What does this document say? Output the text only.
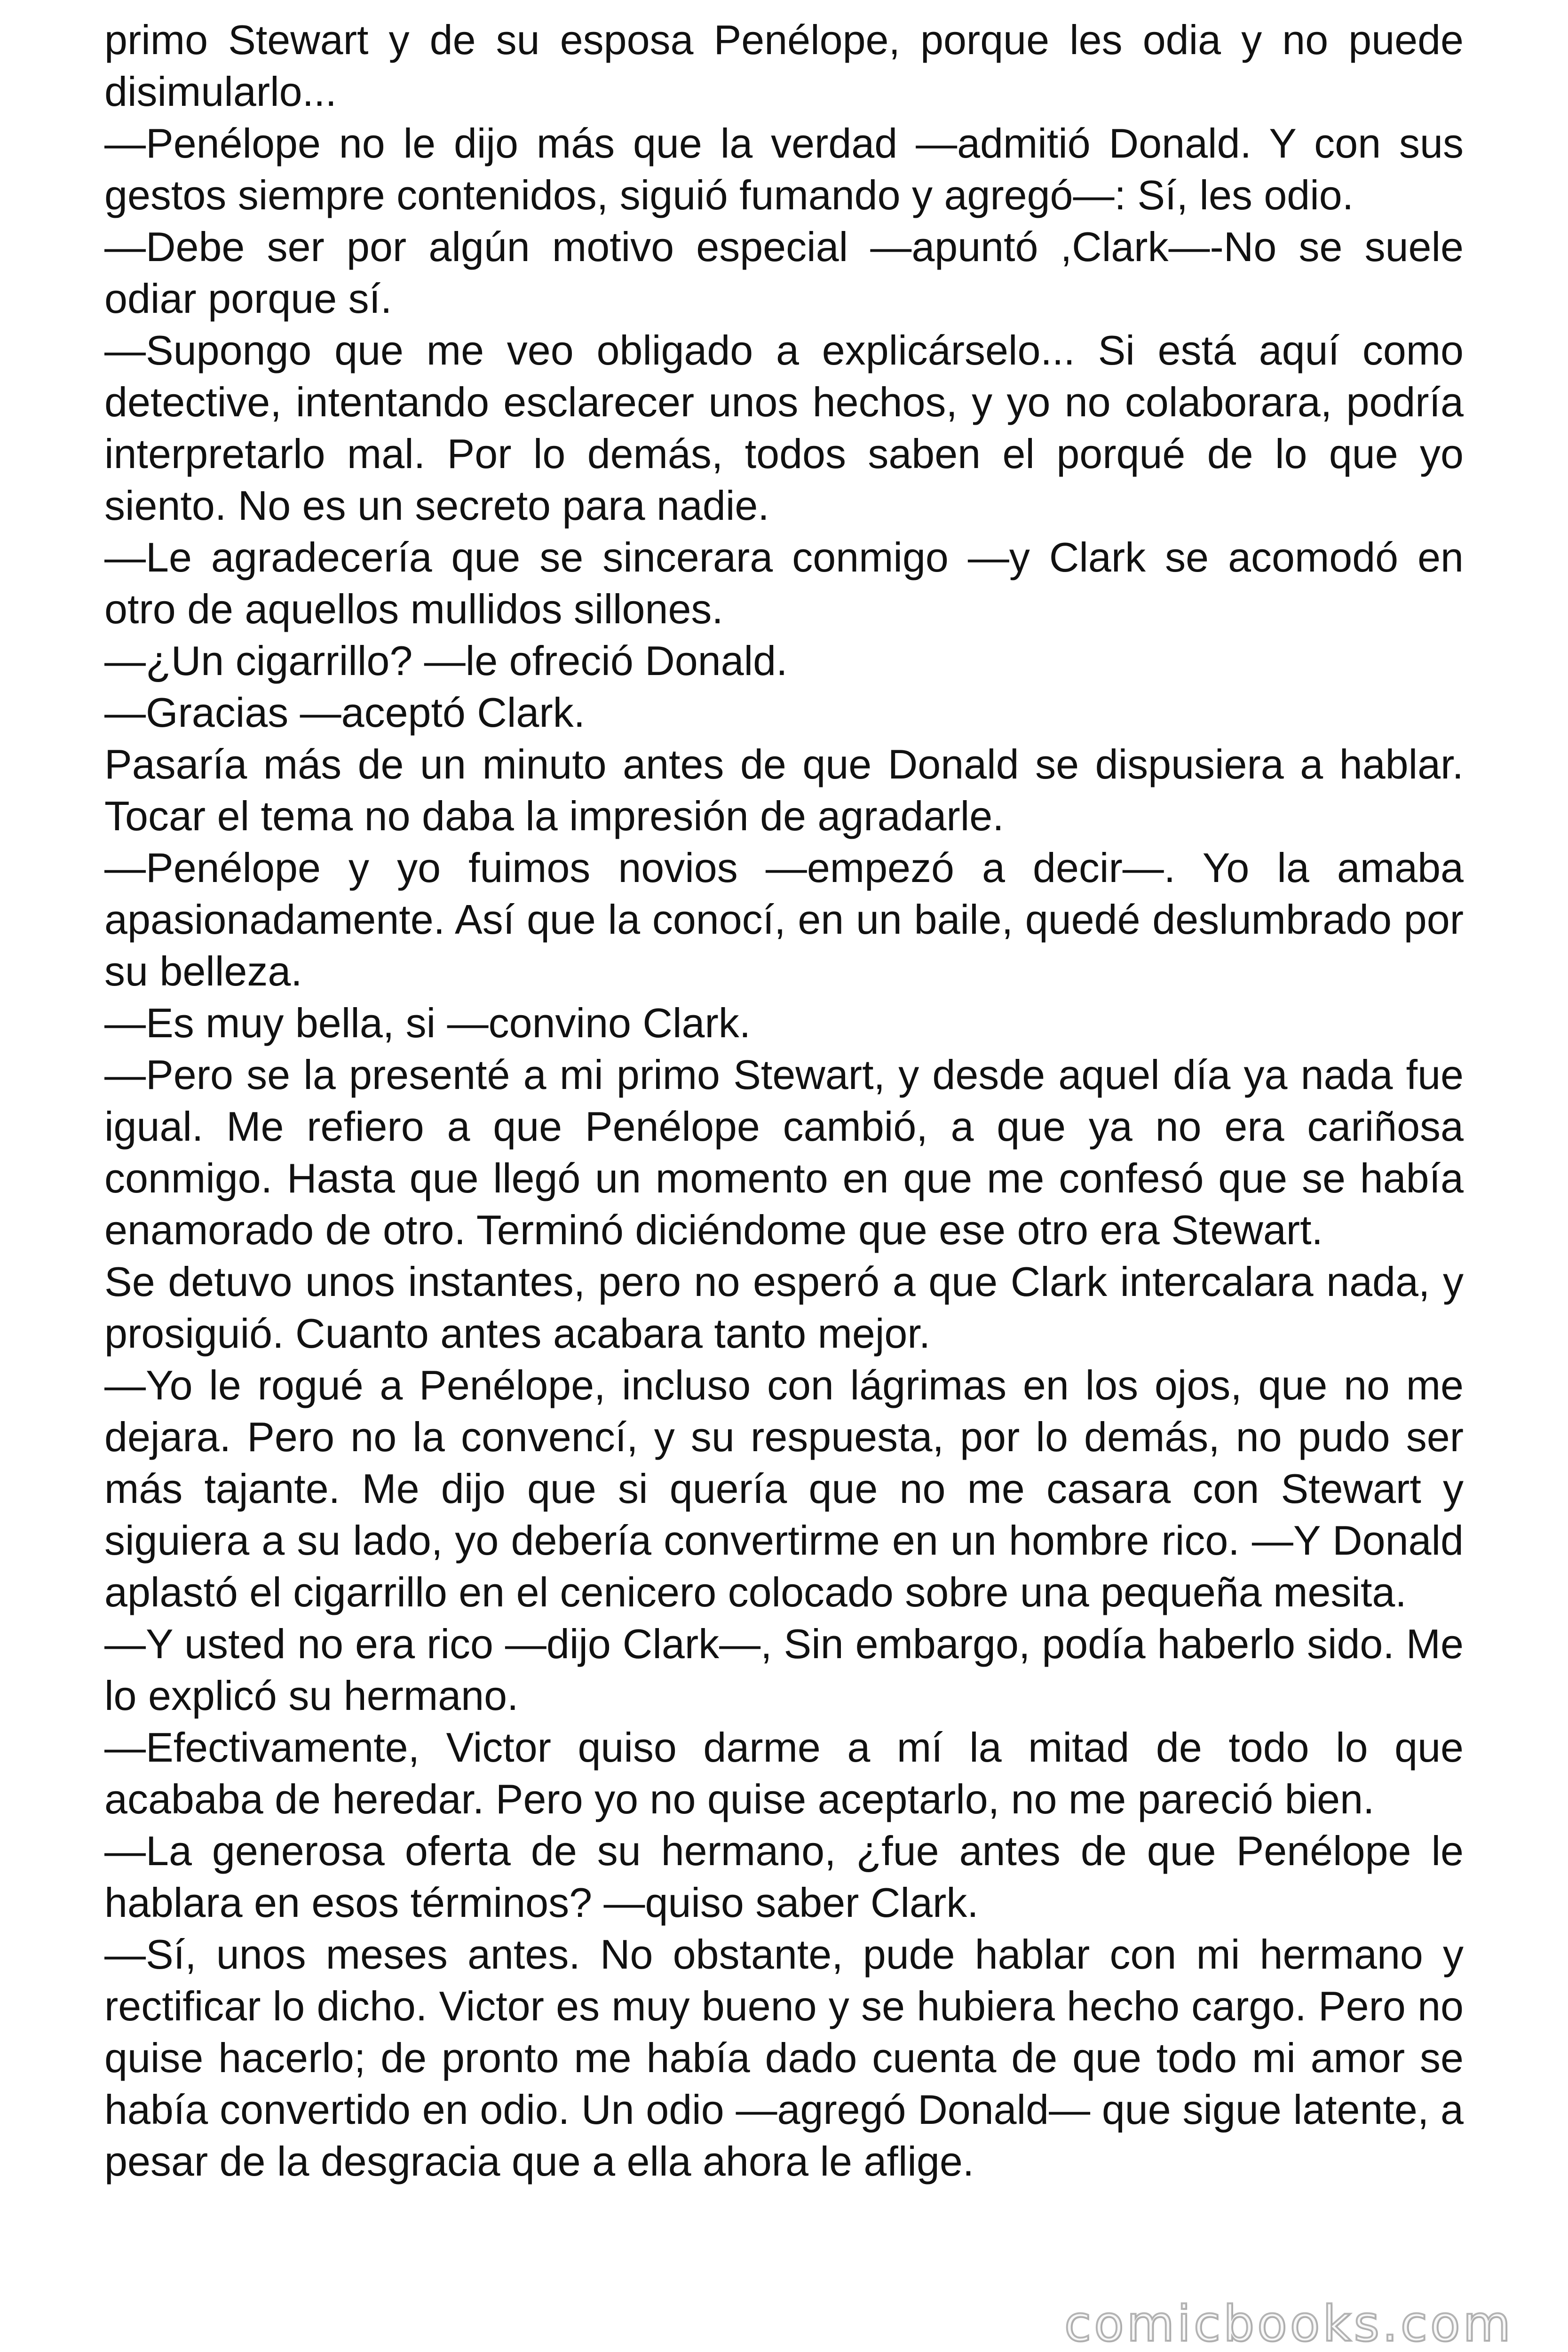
primo Stewart y de su esposa Penélope, porque les odia y no puede disimularlo...

—Penélope no le dijo más que la verdad —admitió Donald. Y con sus gestos siempre contenidos, siguió fumando y agregó—: Sí, les odio.

—Debe ser por algún motivo especial —apuntó ,Clark—-No se suele odiar porque sí.

—Supongo que me veo obligado a explicárselo... Si está aquí como detective, intentando esclarecer unos hechos, y yo no colaborara, podría interpretarlo mal. Por lo demás, todos saben el porqué de lo que yo siento. No es un secreto para nadie.

—Le agradecería que se sincerara conmigo —y Clark se acomodó en otro de aquellos mullidos sillones.

—¿Un cigarrillo? —le ofreció Donald.

—Gracias —aceptó Clark.

Pasaría más de un minuto antes de que Donald se dispusiera a hablar. Tocar el tema no daba la impresión de agradarle.

—Penélope y yo fuimos novios —empezó a decir—. Yo la amaba apasionadamente. Así que la conocí, en un baile, quedé deslumbrado por su belleza.

—Es muy bella, si —convino Clark.

—Pero se la presenté a mi primo Stewart, y desde aquel día ya nada fue igual. Me refiero a que Penélope cambió, a que ya no era cariñosa conmigo. Hasta que llegó un momento en que me confesó que se había enamorado de otro. Terminó diciéndome que ese otro era Stewart.

Se detuvo unos instantes, pero no esperó a que Clark intercalara nada, y prosiguió. Cuanto antes acabara tanto mejor.

—Yo le rogué a Penélope, incluso con lágrimas en los ojos, que no me dejara. Pero no la convencí, y su respuesta, por lo demás, no pudo ser más tajante. Me dijo que si quería que no me casara con Stewart y siguiera a su lado, yo debería convertirme en un hombre rico. —Y Donald aplastó el cigarrillo en el cenicero colocado sobre una pequeña mesita.

—Y usted no era rico —dijo Clark—, Sin embargo, podía haberlo sido. Me lo explicó su hermano.

—Efectivamente, Victor quiso darme a mí la mitad de todo lo que acababa de heredar. Pero yo no quise aceptarlo, no me pareció bien.

—La generosa oferta de su hermano, ¿fue antes de que Penélope le hablara en esos términos? —quiso saber Clark.

—Sí, unos meses antes. No obstante, pude hablar con mi hermano y rectificar lo dicho. Victor es muy bueno y se hubiera hecho cargo. Pero no quise hacerlo; de pronto me había dado cuenta de que todo mi amor se había convertido en odio. Un odio —agregó Donald— que sigue latente, a pesar de la desgracia que a ella ahora le aflige.

comicbooks.com
